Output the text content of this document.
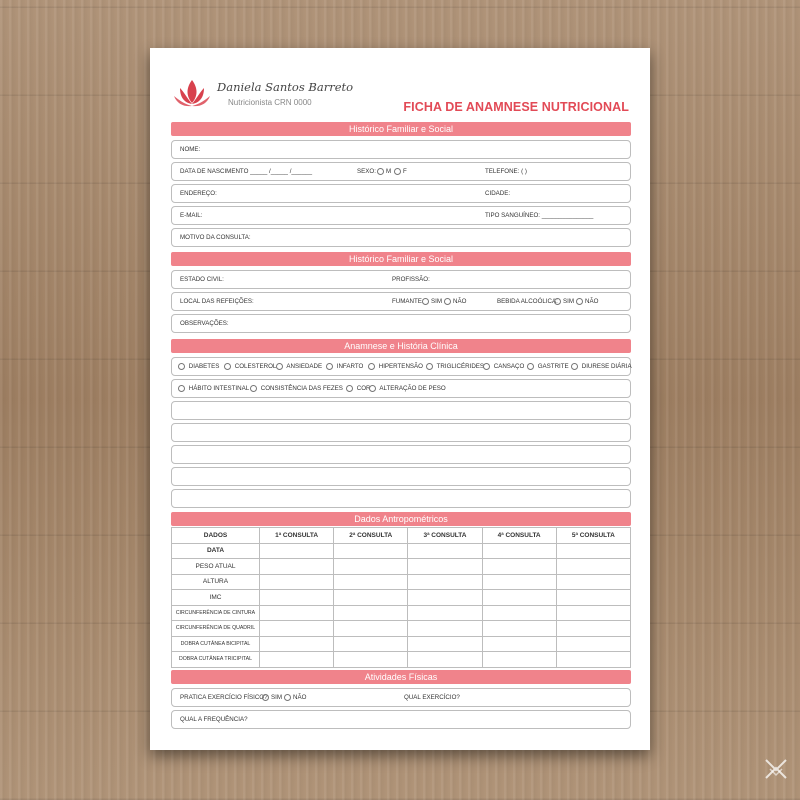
Daniela Santos Barreto
Nutricionista CRN 0000	FICHA DE ANAMNESE NUTRICIONAL
Histórico Familiar e Social
NOME:
DATA DE NASCIMENTO _____ /_____ /______	SEXO:	M	F	TELEFONE: ( )
ENDEREÇO:	CIDADE:
E-MAIL:	TIPO SANGUÍNEO: _______________
MOTIVO DA CONSULTA:
Histórico Familiar e Social
ESTADO CIVIL:	PROFISSÃO:
LOCAL DAS REFEIÇÕES:	FUMANTE:	SIM	NÃO	BEBIDA ALCOÓLICA: SIM	NÃO
OBSERVAÇÕES:
Anamnese e História Clínica
DIABETES	COLESTEROL	ANSIEDADE	INFARTO	HIPERTENSÃO	TRIGLICÉRIDES	CANSAÇO	GASTRITE	DIURESE DIÁRIA
HÁBITO INTESTINAL	CONSISTÊNCIA DAS FEZES	COR	ALTERAÇÃO DE PESO
Dados Antropométricos
DADOS	1ª CONSULTA	2ª CONSULTA	3ª CONSULTA	4ª CONSULTA	5ª CONSULTA
DATA					
PESO ATUAL					
ALTURA					
IMC					
CIRCUNFERÊNCIA DE CINTURA					
CIRCUNFERÊNCIA DE QUADRIL					
DOBRA CUTÂNEA BICIPITAL					
DOBRA CUTÂNEA TRICIPITAL					
Atividades Físicas
PRATICA EXERCÍCIO FÍSICO? SIM	NÃO	QUAL EXERCÍCIO?
QUAL A FREQUÊNCIA?
